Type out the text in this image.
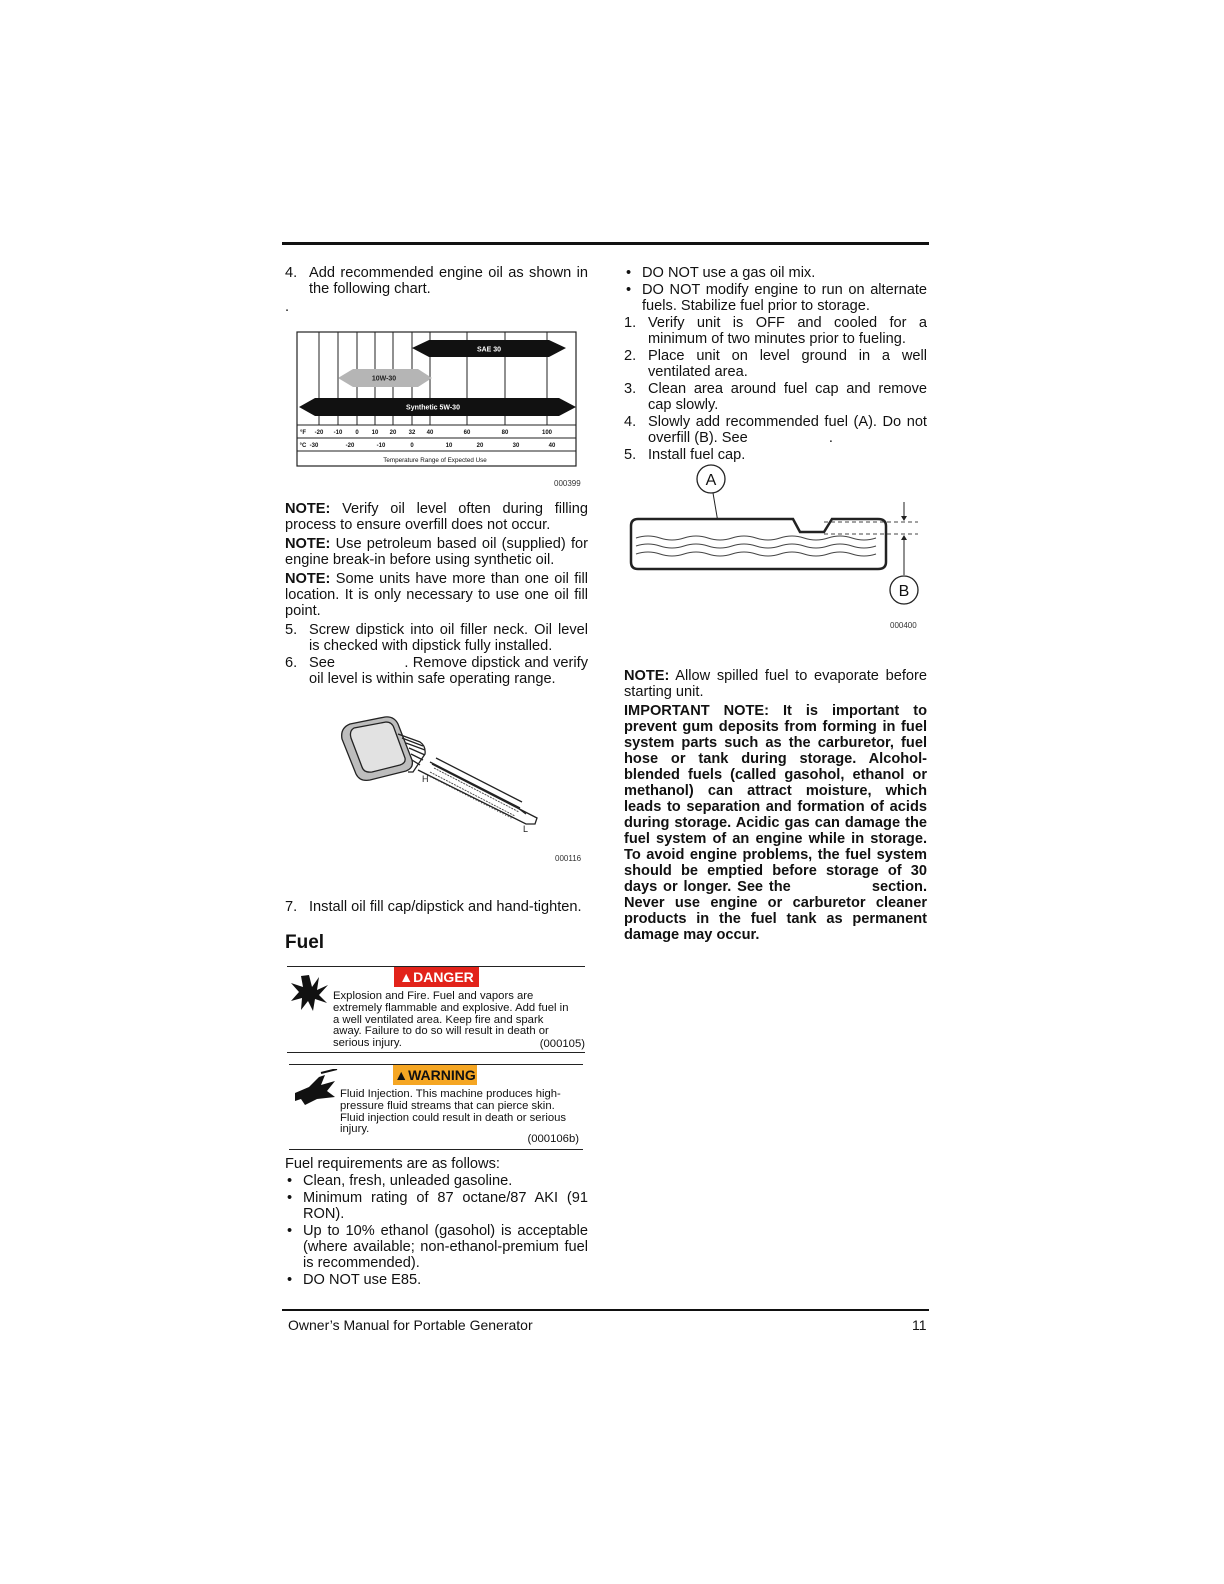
4. Add recommended engine oil as shown in the following chart.
.
SAE 30
10W-30
Synthetic 5W-30
°F -20 -10 0 10 20 32 40	60	80	100
°C -30	-20	-10	0	10	20	30	40
Temperature Range of Expected Use
000399

NOTE: Verify oil level often during filling process to ensure overfill does not occur.

NOTE: Use petroleum based oil (supplied) for engine break-in before using synthetic oil.

NOTE: Some units have more than one oil fill location. It is only necessary to use one oil fill point.

5. Screw dipstick into oil filler neck. Oil level is checked with dipstick fully installed.
6. See                . Remove dipstick and verify oil level is within safe operating range.
H
L
000116
7. Install oil fill cap/dipstick and hand-tighten.
Fuel
▲DANGER
Explosion and Fire. Fuel and vapors are extremely flammable and explosive. Add fuel in a well ventilated area. Keep fire and spark away. Failure to do so will result in death or serious injury.	(000105)
▲WARNING
Fluid Injection. This machine produces high-pressure fluid streams that can pierce skin. Fluid injection could result in death or serious injury.
(000106b)

Fuel requirements are as follows:

• Clean, fresh, unleaded gasoline.
• Minimum rating of 87 octane/87 AKI (91 RON).
• Up to 10% ethanol (gasohol) is acceptable (where available; non-ethanol-premium fuel is recommended).
• DO NOT use E85.
• DO NOT use a gas oil mix.
• DO NOT modify engine to run on alternate fuels. Stabilize fuel prior to storage.
1. Verify unit is OFF and cooled for a minimum of two minutes prior to fueling.
2. Place unit on level ground in a well ventilated area.
3. Clean area around fuel cap and remove cap slowly.
4. Slowly add recommended fuel (A). Do not overfill (B). See                    .
5. Install fuel cap.
A
B
000400

NOTE: Allow spilled fuel to evaporate before starting unit.

IMPORTANT NOTE: It is important to prevent gum deposits from forming in fuel system parts such as the carburetor, fuel hose or tank during storage. Alcohol-blended fuels (called gasohol, ethanol or methanol) can attract moisture, which leads to separation and formation of acids during storage. Acidic gas can damage the fuel system of an engine while in storage. To avoid engine problems, the fuel system should be emptied before storage of 30 days or longer. See the              section. Never use engine or carburetor cleaner products in the fuel tank as permanent damage may occur.

Owner’s Manual for Portable Generator	11
